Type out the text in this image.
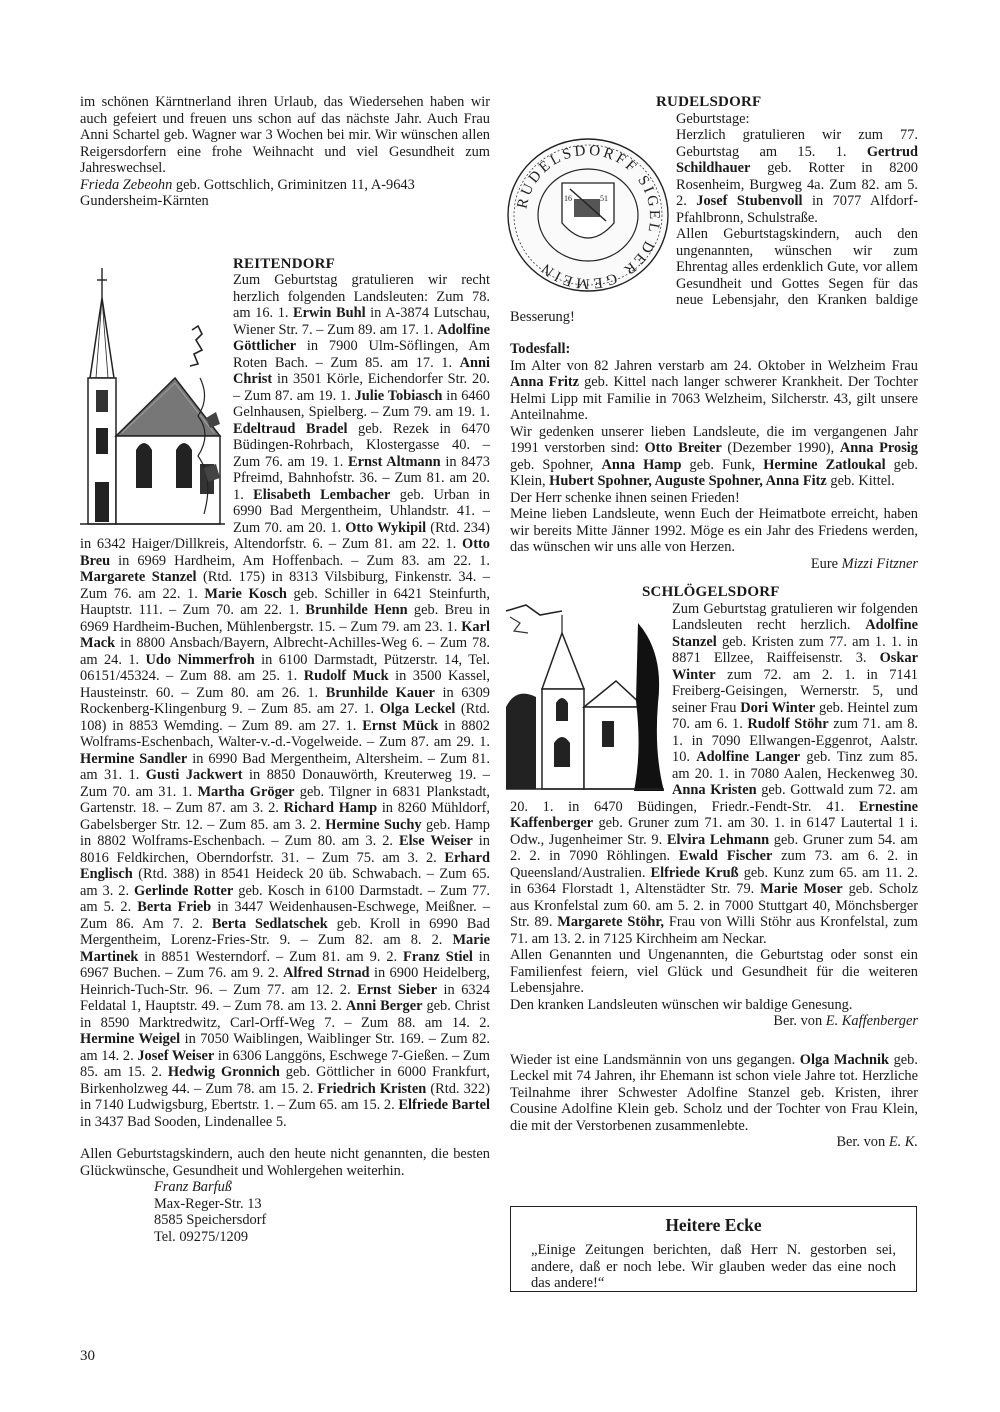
im schönen Kärntnerland ihren Urlaub, das Wiedersehen haben wir auch gefeiert und freuen uns schon auf das nächste Jahr. Auch Frau Anni Schartel geb. Wagner war 3 Wochen bei mir. Wir wünschen allen Reigersdorfern eine frohe Weihnacht und viel Gesundheit zum Jahreswechsel.

Frieda Zebeohn geb. Gottschlich, Griminitzen 11, A-9643 Gundersheim-Kärnten

REITENDORF

Zum Geburtstag gratulieren wir recht herzlich folgenden Landsleuten: Zum 78. am 16. 1. Erwin Buhl in A-3874 Lutschau, Wiener Str. 7. – Zum 89. am 17. 1. Adolfine Göttlicher in 7900 Ulm-Söflingen, Am Roten Bach. – Zum 85. am 17. 1. Anni Christ in 3501 Körle, Eichendorfer Str. 20. – Zum 87. am 19. 1. Julie Tobiasch in 6460 Gelnhausen, Spielberg. – Zum 79. am 19. 1. Edeltraud Bradel geb. Rezek in 6470 Büdingen-Rohrbach, Klostergasse 40. – Zum 76. am 19. 1. Ernst Altmann in 8473 Pfreimd, Bahnhofstr. 36. – Zum 81. am 20. 1. Elisabeth Lembacher geb. Urban in 6990 Bad Mergentheim, Uhlandstr. 41. – Zum 70. am 20. 1. Otto Wykipil (Rtd. 234) in 6342 Haiger/Dillkreis, Altendorfstr. 6. – Zum 81. am 22. 1. Otto Breu in 6969 Hardheim, Am Hoffenbach. – Zum 83. am 22. 1. Margarete Stanzel (Rtd. 175) in 8313 Vilsbiburg, Finkenstr. 34. – Zum 76. am 22. 1. Marie Kosch geb. Schiller in 6421 Steinfurth, Hauptstr. 111. – Zum 70. am 22. 1. Brunhilde Henn geb. Breu in 6969 Hardheim-Buchen, Mühlenbergstr. 15. – Zum 79. am 23. 1. Karl Mack in 8800 Ansbach/Bayern, Albrecht-Achilles-Weg 6. – Zum 78. am 24. 1. Udo Nimmerfroh in 6100 Darmstadt, Pützerstr. 14, Tel. 06151/45324. – Zum 88. am 25. 1. Rudolf Muck in 3500 Kassel, Hausteinstr. 60. – Zum 80. am 26. 1. Brunhilde Kauer in 6309 Rockenberg-Klingenburg 9. – Zum 85. am 27. 1. Olga Leckel (Rtd. 108) in 8853 Wemding. – Zum 89. am 27. 1. Ernst Mück in 8802 Wolframs-Eschenbach, Walter-v.-d.-Vogelweide. – Zum 87. am 29. 1. Hermine Sandler in 6990 Bad Mergentheim, Altersheim. – Zum 81. am 31. 1. Gusti Jackwert in 8850 Donauwörth, Kreuterweg 19. – Zum 70. am 31. 1. Martha Gröger geb. Tilgner in 6831 Plankstadt, Gartenstr. 18. – Zum 87. am 3. 2. Richard Hamp in 8260 Mühldorf, Gabelsberger Str. 12. – Zum 85. am 3. 2. Hermine Suchy geb. Hamp in 8802 Wolframs-Eschenbach. – Zum 80. am 3. 2. Else Weiser in 8016 Feldkirchen, Oberndorfstr. 31. – Zum 75. am 3. 2. Erhard Englisch (Rtd. 388) in 8541 Heideck 20 üb. Schwabach. – Zum 65. am 3. 2. Gerlinde Rotter geb. Kosch in 6100 Darmstadt. – Zum 77. am 5. 2. Berta Frieb in 3447 Weidenhausen-Eschwege, Meißner. – Zum 86. Am 7. 2. Berta Sedlatschek geb. Kroll in 6990 Bad Mergentheim, Lorenz-Fries-Str. 9. – Zum 82. am 8. 2. Marie Martinek in 8851 Westerndorf. – Zum 81. am 9. 2. Franz Stiel in 6967 Buchen. – Zum 76. am 9. 2. Alfred Strnad in 6900 Heidelberg, Heinrich-Tuch-Str. 96. – Zum 77. am 12. 2. Ernst Sieber in 6324 Feldatal 1, Hauptstr. 49. – Zum 78. am 13. 2. Anni Berger geb. Christ in 8590 Marktredwitz, Carl-Orff-Weg 7. – Zum 88. am 14. 2. Hermine Weigel in 7050 Waiblingen, Waiblinger Str. 169. – Zum 82. am 14. 2. Josef Weiser in 6306 Langgöns, Eschwege 7-Gießen. – Zum 85. am 15. 2. Hedwig Gronnich geb. Göttlicher in 6000 Frankfurt, Birkenholzweg 44. – Zum 78. am 15. 2. Friedrich Kristen (Rtd. 322) in 7140 Ludwigsburg, Ebertstr. 1. – Zum 65. am 15. 2. Elfriede Bartel in 3437 Bad Sooden, Lindenallee 5.

Allen Geburtstagskindern, auch den heute nicht genannten, die besten Glückwünsche, Gesundheit und Wohlergehen weiterhin.

Franz Barfuß

Max-Reger-Str. 13

8585 Speichersdorf

Tel. 09275/1209

RUDELSDORF

RUDELSDORFF SIGEL DER GEMEIN
16	51

Geburtstage:

Herzlich gratulieren wir zum 77. Geburtstag am 15. 1. Gertrud Schildhauer geb. Rotter in 8200 Rosenheim, Burgweg 4a. Zum 82. am 5. 2. Josef Stubenvoll in 7077 Alfdorf-Pfahlbronn, Schulstraße.

Allen Geburtstagskindern, auch den ungenannten, wünschen wir zum Ehrentag alles erdenklich Gute, vor allem Gesundheit und Gottes Segen für das neue Lebensjahr, den Kranken baldige Besserung!

Todesfall:

Im Alter von 82 Jahren verstarb am 24. Oktober in Welzheim Frau Anna Fritz geb. Kittel nach langer schwerer Krankheit. Der Tochter Helmi Lipp mit Familie in 7063 Welzheim, Silcherstr. 43, gilt unsere Anteilnahme.

Wir gedenken unserer lieben Landsleute, die im vergangenen Jahr 1991 verstorben sind: Otto Breiter (Dezember 1990), Anna Prosig geb. Spohner, Anna Hamp geb. Funk, Hermine Zatloukal geb. Klein, Hubert Spohner, Auguste Spohner, Anna Fitz geb. Kittel.

Der Herr schenke ihnen seinen Frieden!

Meine lieben Landsleute, wenn Euch der Heimatbote erreicht, haben wir bereits Mitte Jänner 1992. Möge es ein Jahr des Friedens werden, das wünschen wir uns alle von Herzen.

Eure Mizzi Fitzner

SCHLÖGELSDORF

Zum Geburtstag gratulieren wir folgenden Landsleuten recht herzlich. Adolfine Stanzel geb. Kristen zum 77. am 1. 1. in 8871 Ellzee, Raiffeisenstr. 3. Oskar Winter zum 72. am 2. 1. in 7141 Freiberg-Geisingen, Wernerstr. 5, und seiner Frau Dori Winter geb. Heintel zum 70. am 6. 1. Rudolf Stöhr zum 71. am 8. 1. in 7090 Ellwangen-Eggenrot, Aalstr. 10. Adolfine Langer geb. Tinz zum 85. am 20. 1. in 7080 Aalen, Heckenweg 30. Anna Kristen geb. Gottwald zum 72. am 20. 1. in 6470 Büdingen, Friedr.-Fendt-Str. 41. Ernestine Kaffenberger geb. Gruner zum 71. am 30. 1. in 6147 Lautertal 1 i. Odw., Jugenheimer Str. 9. Elvira Lehmann geb. Gruner zum 54. am 2. 2. in 7090 Röhlingen. Ewald Fischer zum 73. am 6. 2. in Queensland/Australien. Elfriede Kruß geb. Kunz zum 65. am 11. 2. in 6364 Florstadt 1, Altenstädter Str. 79. Marie Moser geb. Scholz aus Kronfelstal zum 60. am 5. 2. in 7000 Stuttgart 40, Mönchsberger Str. 89. Margarete Stöhr, Frau von Willi Stöhr aus Kronfelstal, zum 71. am 13. 2. in 7125 Kirchheim am Neckar.

Allen Genannten und Ungenannten, die Geburtstag oder sonst ein Familienfest feiern, viel Glück und Gesundheit für die weiteren Lebensjahre.

Den kranken Landsleuten wünschen wir baldige Genesung.

Ber. von E. Kaffenberger

Wieder ist eine Landsmännin von uns gegangen. Olga Machnik geb. Leckel mit 74 Jahren, ihr Ehemann ist schon viele Jahre tot. Herzliche Teilnahme ihrer Schwester Adolfine Stanzel geb. Kristen, ihrer Cousine Adolfine Klein geb. Scholz und der Tochter von Frau Klein, die mit der Verstorbenen zusammenlebte.

Ber. von E. K.

Heitere Ecke

„Einige Zeitungen berichten, daß Herr N. gestorben sei, andere, daß er noch lebe. Wir glauben weder das eine noch das andere!“

30
